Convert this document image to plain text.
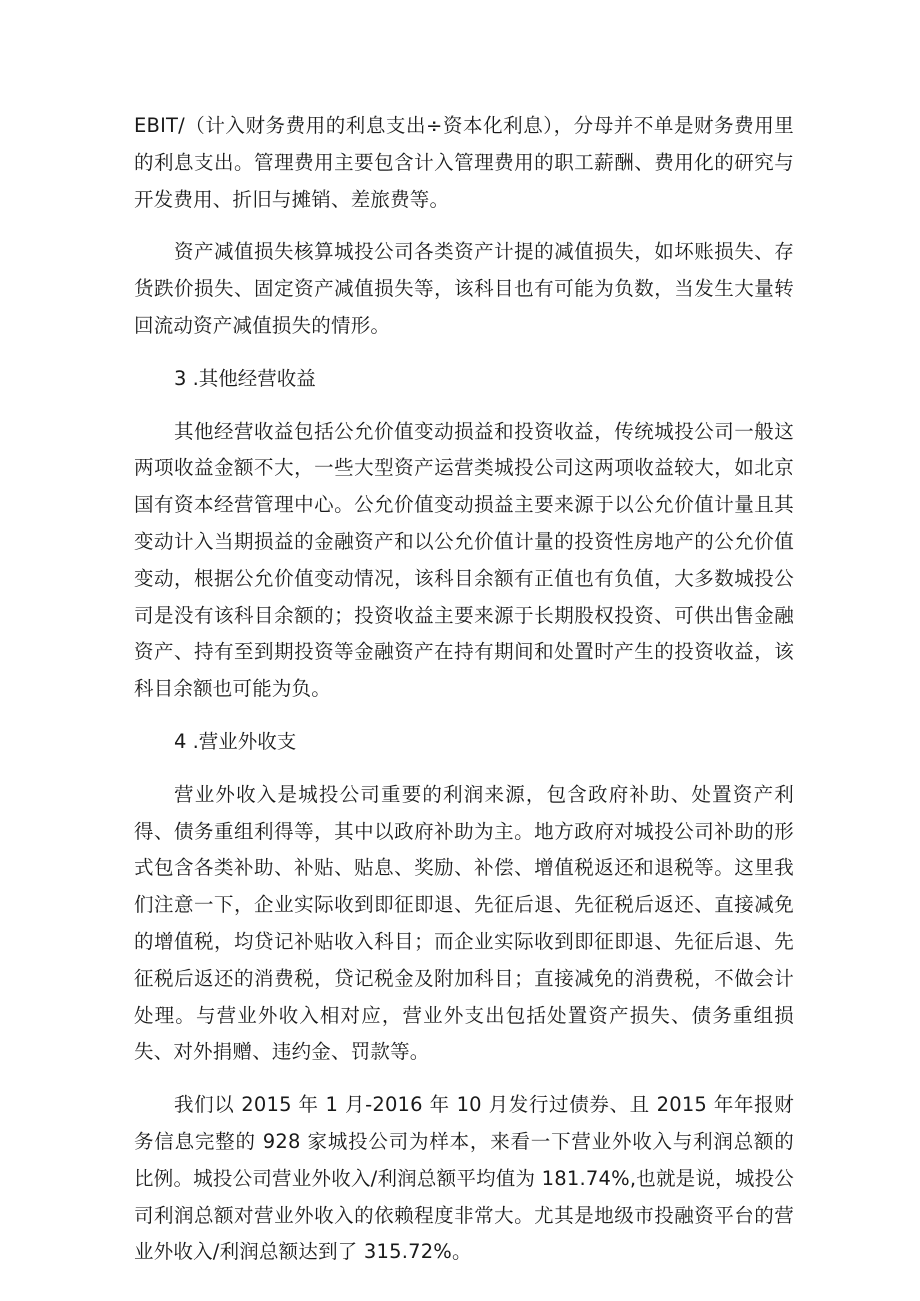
EBIT/（计入财务费用的利息支出÷资本化利息），分母并不单是财务费用里的利息支出。管理费用主要包含计入管理费用的职工薪酬、费用化的研究与开发费用、折旧与摊销、差旅费等。

资产减值损失核算城投公司各类资产计提的减值损失，如坏账损失、存货跌价损失、固定资产减值损失等，该科目也有可能为负数，当发生大量转回流动资产减值损失的情形。

3 .其他经营收益

其他经营收益包括公允价值变动损益和投资收益，传统城投公司一般这两项收益金额不大，一些大型资产运营类城投公司这两项收益较大，如北京国有资本经营管理中心。公允价值变动损益主要来源于以公允价值计量且其变动计入当期损益的金融资产和以公允价值计量的投资性房地产的公允价值变动，根据公允价值变动情况，该科目余额有正值也有负值，大多数城投公司是没有该科目余额的；投资收益主要来源于长期股权投资、可供出售金融资产、持有至到期投资等金融资产在持有期间和处置时产生的投资收益，该科目余额也可能为负。

4 .营业外收支

营业外收入是城投公司重要的利润来源，包含政府补助、处置资产利得、债务重组利得等，其中以政府补助为主。地方政府对城投公司补助的形式包含各类补助、补贴、贴息、奖励、补偿、增值税返还和退税等。这里我们注意一下，企业实际收到即征即退、先征后退、先征税后返还、直接减免的增值税，均贷记补贴收入科目；而企业实际收到即征即退、先征后退、先征税后返还的消费税，贷记税金及附加科目；直接减免的消费税，不做会计处理。与营业外收入相对应，营业外支出包括处置资产损失、债务重组损失、对外捐赠、违约金、罚款等。

我们以 2015 年 1 月-2016 年 10 月发行过债券、且 2015 年年报财务信息完整的 928 家城投公司为样本，来看一下营业外收入与利润总额的比例。城投公司营业外收入/利润总额平均值为 181.74%,也就是说，城投公司利润总额对营业外收入的依赖程度非常大。尤其是地级市投融资平台的营业外收入/利润总额达到了 315.72%。
